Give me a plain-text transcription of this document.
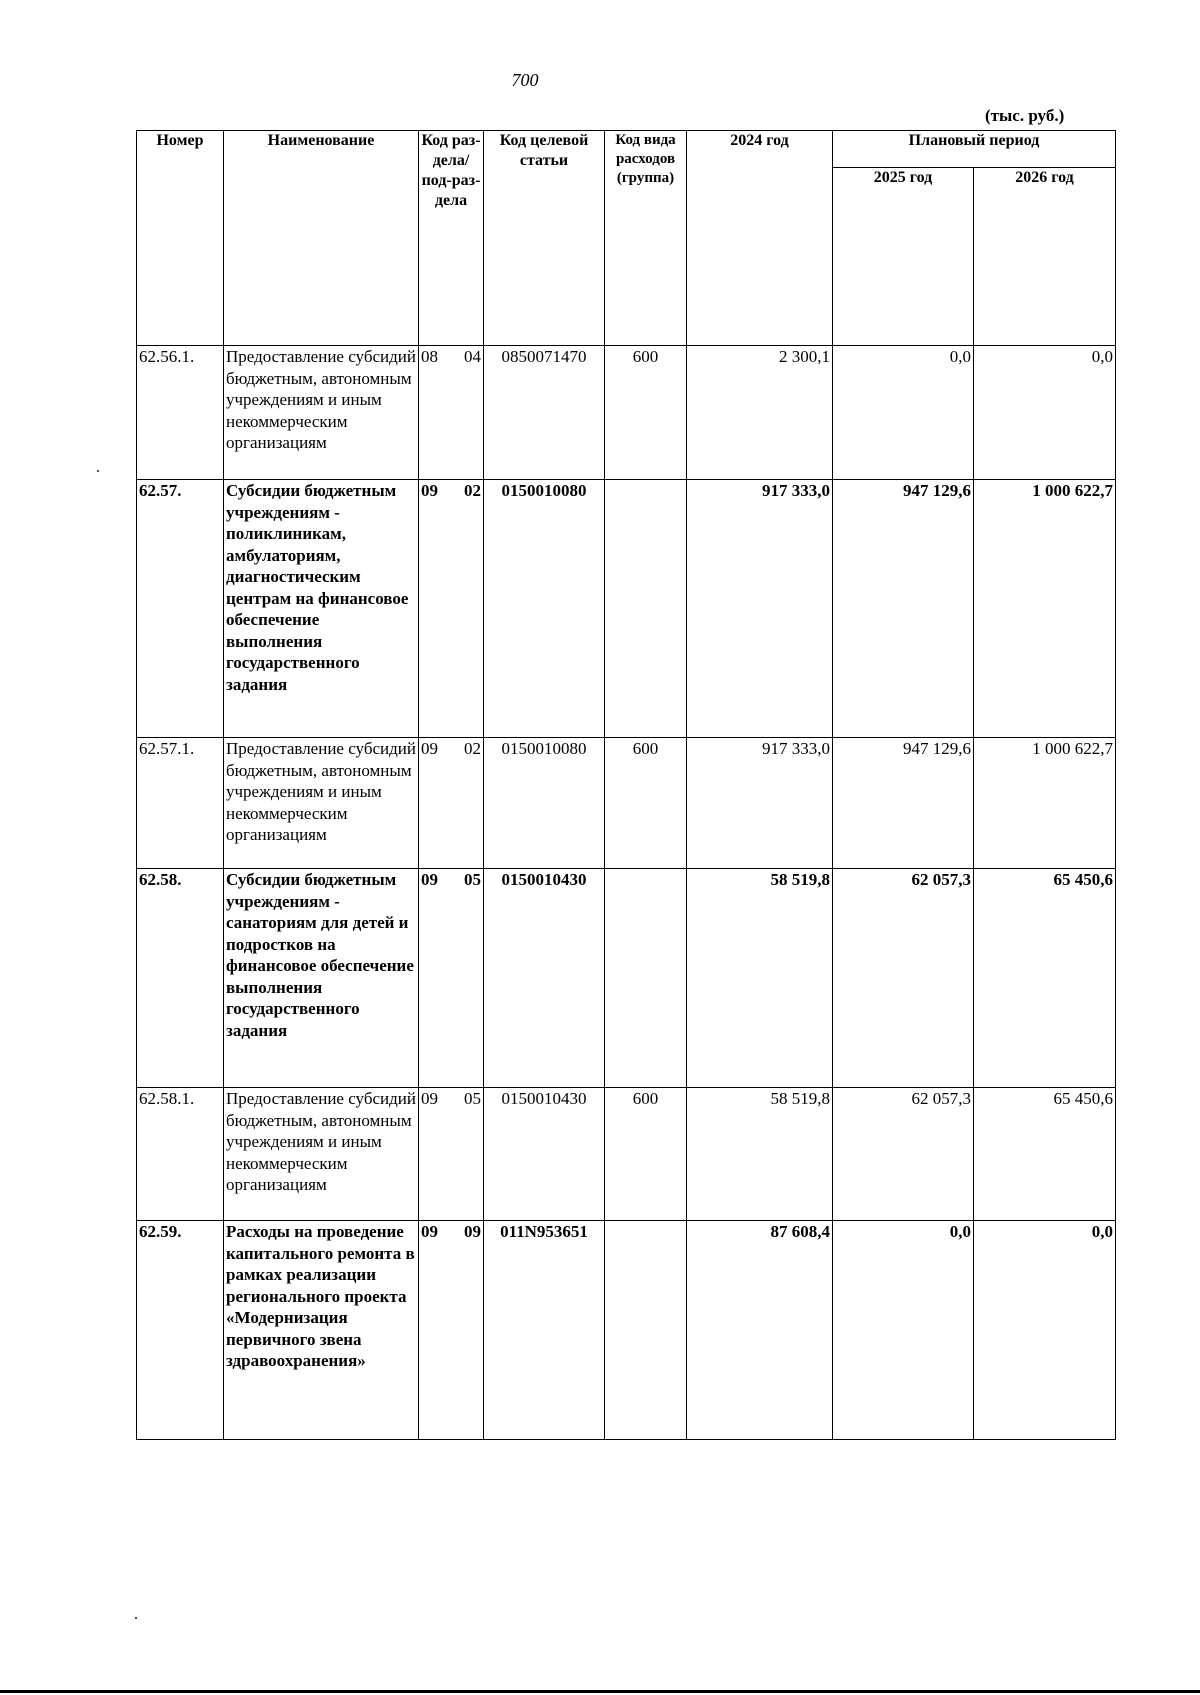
700
(тыс. руб.)
Номер	Наименование	Код раз-дела/ под-раз-дела	Код целевой статьи	Код вида расходов (группа)	2024 год	Плановый период	
						2025 год	2026 год
62.56.1.	Предоставление субсидий бюджетным, автономным учреждениям и иным некоммерческим организациям	08 04	0850071470	600	2 300,1	0,0	0,0
62.57.	Субсидии бюджетным учреждениям - поликлиникам, амбулаториям, диагностическим центрам на финансовое обеспечение выполнения государственного задания	09 02	0150010080		917 333,0	947 129,6	1 000 622,7
62.57.1.	Предоставление субсидий бюджетным, автономным учреждениям и иным некоммерческим организациям	09 02	0150010080	600	917 333,0	947 129,6	1 000 622,7
62.58.	Субсидии бюджетным учреждениям - санаториям для детей и подростков на финансовое обеспечение выполнения государственного задания	09 05	0150010430		58 519,8	62 057,3	65 450,6
62.58.1.	Предоставление субсидий бюджетным, автономным учреждениям и иным некоммерческим организациям	09 05	0150010430	600	58 519,8	62 057,3	65 450,6
62.59.	Расходы на проведение капитального ремонта в рамках реализации регионального проекта «Модернизация первичного звена здравоохранения»	09 09	011N953651		87 608,4	0,0	0,0
